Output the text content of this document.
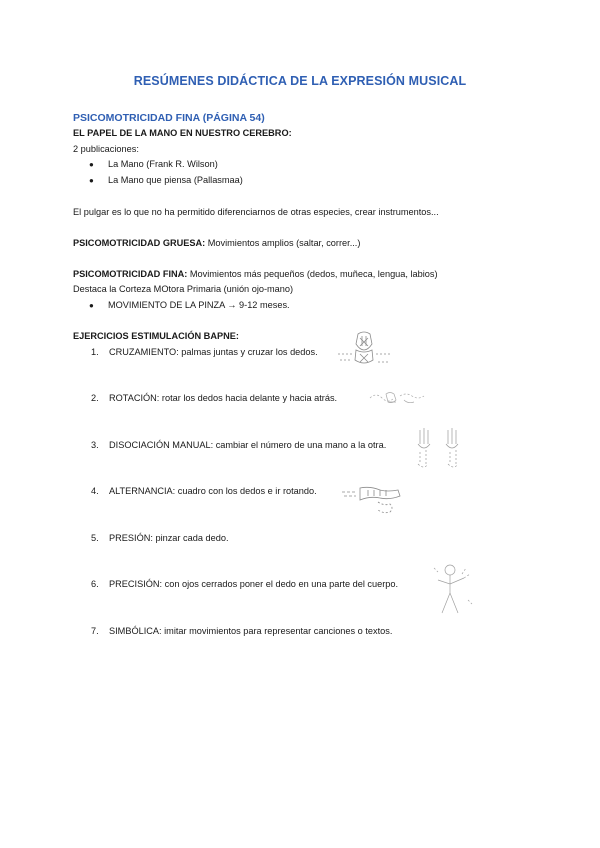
RESÚMENES DIDÁCTICA DE LA EXPRESIÓN MUSICAL
PSICOMOTRICIDAD FINA (PÁGINA 54)
EL PAPEL DE LA MANO EN NUESTRO CEREBRO:
2 publicaciones:
● La Mano (Frank R. Wilson)
● La Mano que piensa (Pallasmaa)
El pulgar es lo que no ha permitido diferenciarnos de otras especies, crear instrumentos...
PSICOMOTRICIDAD GRUESA: Movimientos amplios (saltar, correr...)
PSICOMOTRICIDAD FINA: Movimientos más pequeños (dedos, muñeca, lengua, labios)
Destaca la Corteza MOtora Primaria (unión ojo-mano)
● MOVIMIENTO DE LA PINZA → 9-12 meses.
EJERCICIOS ESTIMULACIÓN BAPNE:
1. CRUZAMIENTO: palmas juntas y cruzar los dedos.
2. ROTACIÓN: rotar los dedos hacia delante y hacia atrás.
3. DISOCIACIÓN MANUAL: cambiar el número de una mano a la otra.
4. ALTERNANCIA: cuadro con los dedos e ir rotando.
5. PRESIÓN: pinzar cada dedo.
6. PRECISIÓN: con ojos cerrados poner el dedo en una parte del cuerpo.
7. SIMBÓLICA: imitar movimientos para representar canciones o textos.
